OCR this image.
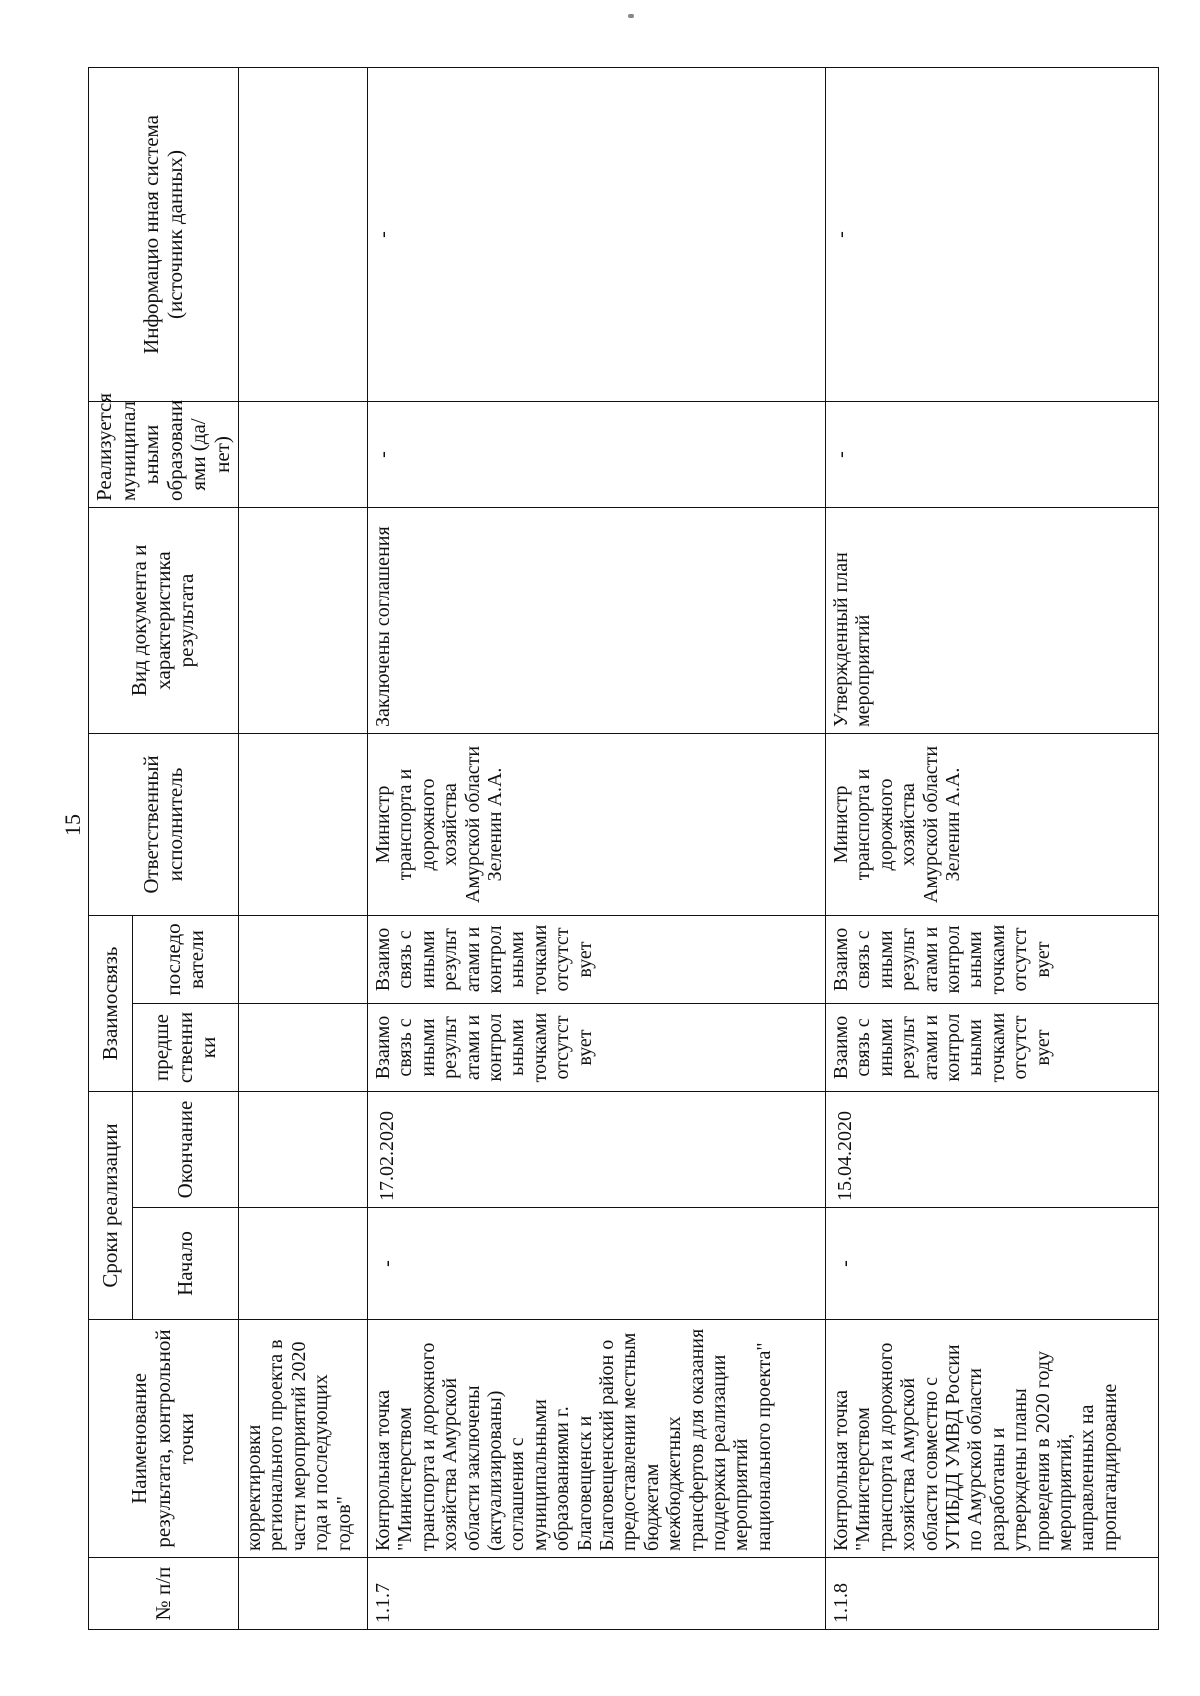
15
№ п/п	Наименование результата, контрольной точки	Сроки реализации		Взаимосвязь		Ответственный исполнитель	Вид документа и характеристика результата	Реализуется муниципал ьными образовани ями (да/нет)	Информацио нная система (источник данных)
		Начало	Окончание	предше ственни ки	последо ватели				
	корректировки регионального проекта в части мероприятий 2020 года и последующих годов"								
1.1.7	Контрольная точка "Министерством транспорта и дорожного хозяйства Амурской области заключены (актуализированы) соглашения с муниципальными образованиями г. Благовещенск и Благовещенский район о предоставлении местным бюджетам межбюджетных трансфертов для оказания поддержки реализации мероприятий национального проекта"	-	17.02.2020	Взаимо связь с иными результ атами и контрол ьными точками отсутст вует	Взаимо связь с иными результ атами и контрол ьными точками отсутст вует	Министр транспорта и дорожного хозяйства Амурской области Зеленин А.А.	Заключены соглашения	-	-
1.1.8	Контрольная точка "Министерством транспорта и дорожного хозяйства Амурской области совместно с УГИБДД УМВД России по Амурской области разработаны и утверждены планы проведения в 2020 году мероприятий, направленных на пропагандирование	-	15.04.2020	Взаимо связь с иными результ атами и контрол ьными точками отсутст вует	Взаимо связь с иными результ атами и контрол ьными точками отсутст вует	Министр транспорта и дорожного хозяйства Амурской области Зеленин А.А.	Утвержденный план мероприятий	-	-
